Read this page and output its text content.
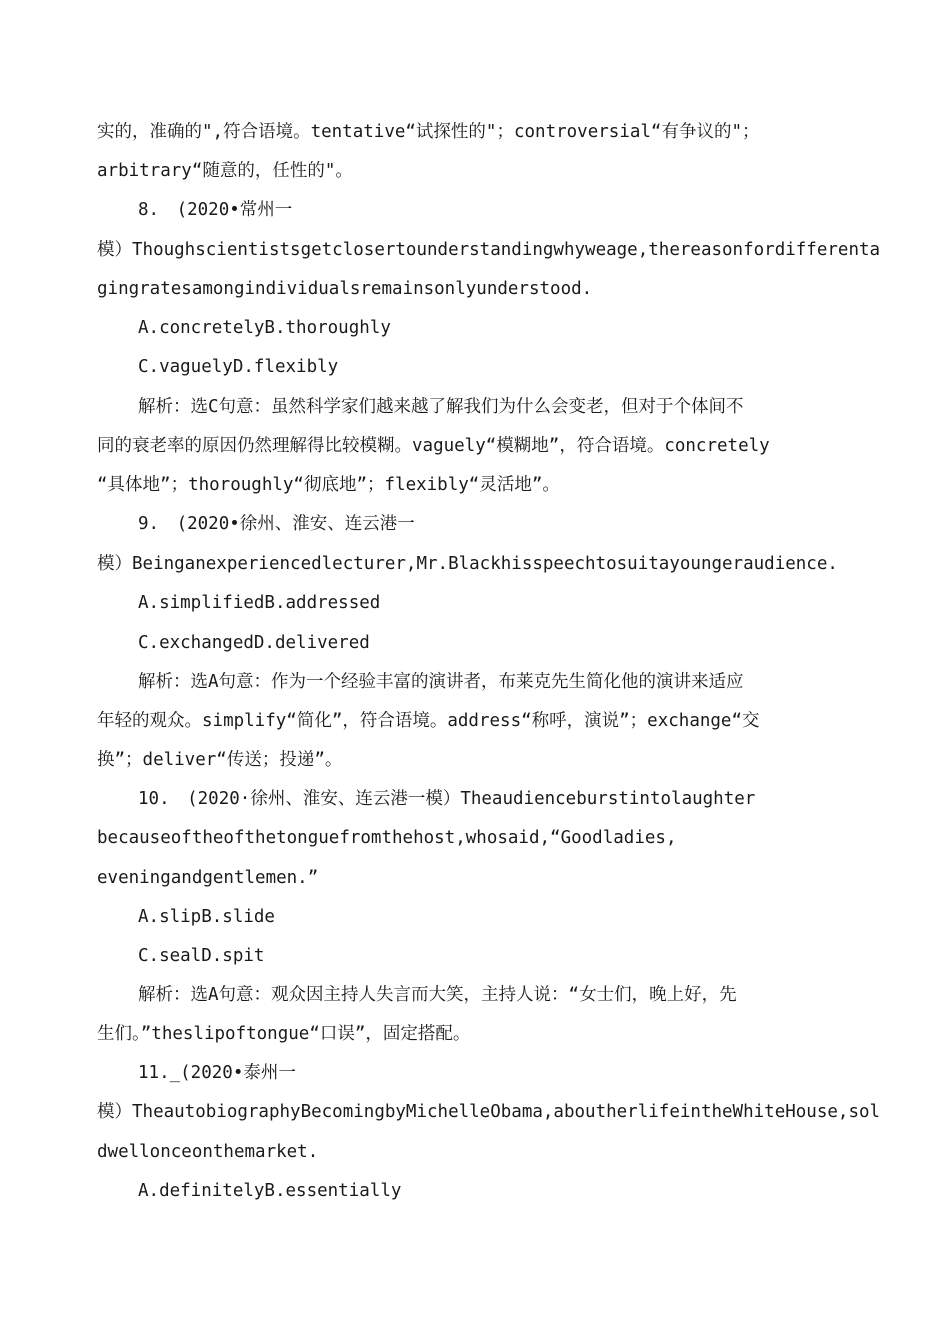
实的，准确的",符合语境。tentative“试探性的"；controversial“有争议的"；
arbitrary“随意的，任性的"。
8.　(2020•常州一
模）Thoughscientistsgetclosertounderstandingwhyweage,thereasonfordifferenta
gingratesamongindividualsremainsonlyunderstood.
A.concretelyB.thoroughly
C.vaguelyD.flexibly
解析：选C句意：虽然科学家们越来越了解我们为什么会变老，但对于个体间不
同的衰老率的原因仍然理解得比较模糊。vaguely“模糊地”，符合语境。concretely
“具体地”；thoroughly“彻底地”；flexibly“灵活地”。
9.　(2020•徐州、淮安、连云港一
模）Beinganexperiencedlecturer,Mr.Blackhisspeechtosuitayoungeraudience.
A.simplifiedB.addressed
C.exchangedD.delivered
解析：选A句意：作为一个经验丰富的演讲者，布莱克先生简化他的演讲来适应
年轻的观众。simplify“简化”，符合语境。address“称呼，演说”；exchange“交
换”；deliver“传送；投递”。
10.　(2020·徐州、淮安、连云港一模）Theaudienceburstintolaughter
becauseoftheofthetonguefromthehost,whosaid,“Goodladies,
eveningandgentlemen.”
A.slipB.slide
C.sealD.spit
解析：选A句意：观众因主持人失言而大笑，主持人说：“女士们，晚上好，先
生们。”theslipoftongue“口误”，固定搭配。
11._(2020•泰州一
模）TheautobiographyBecomingbyMichelleObama,aboutherlifeintheWhiteHouse,sol
dwellonceonthemarket.
A.definitelyB.essentially
